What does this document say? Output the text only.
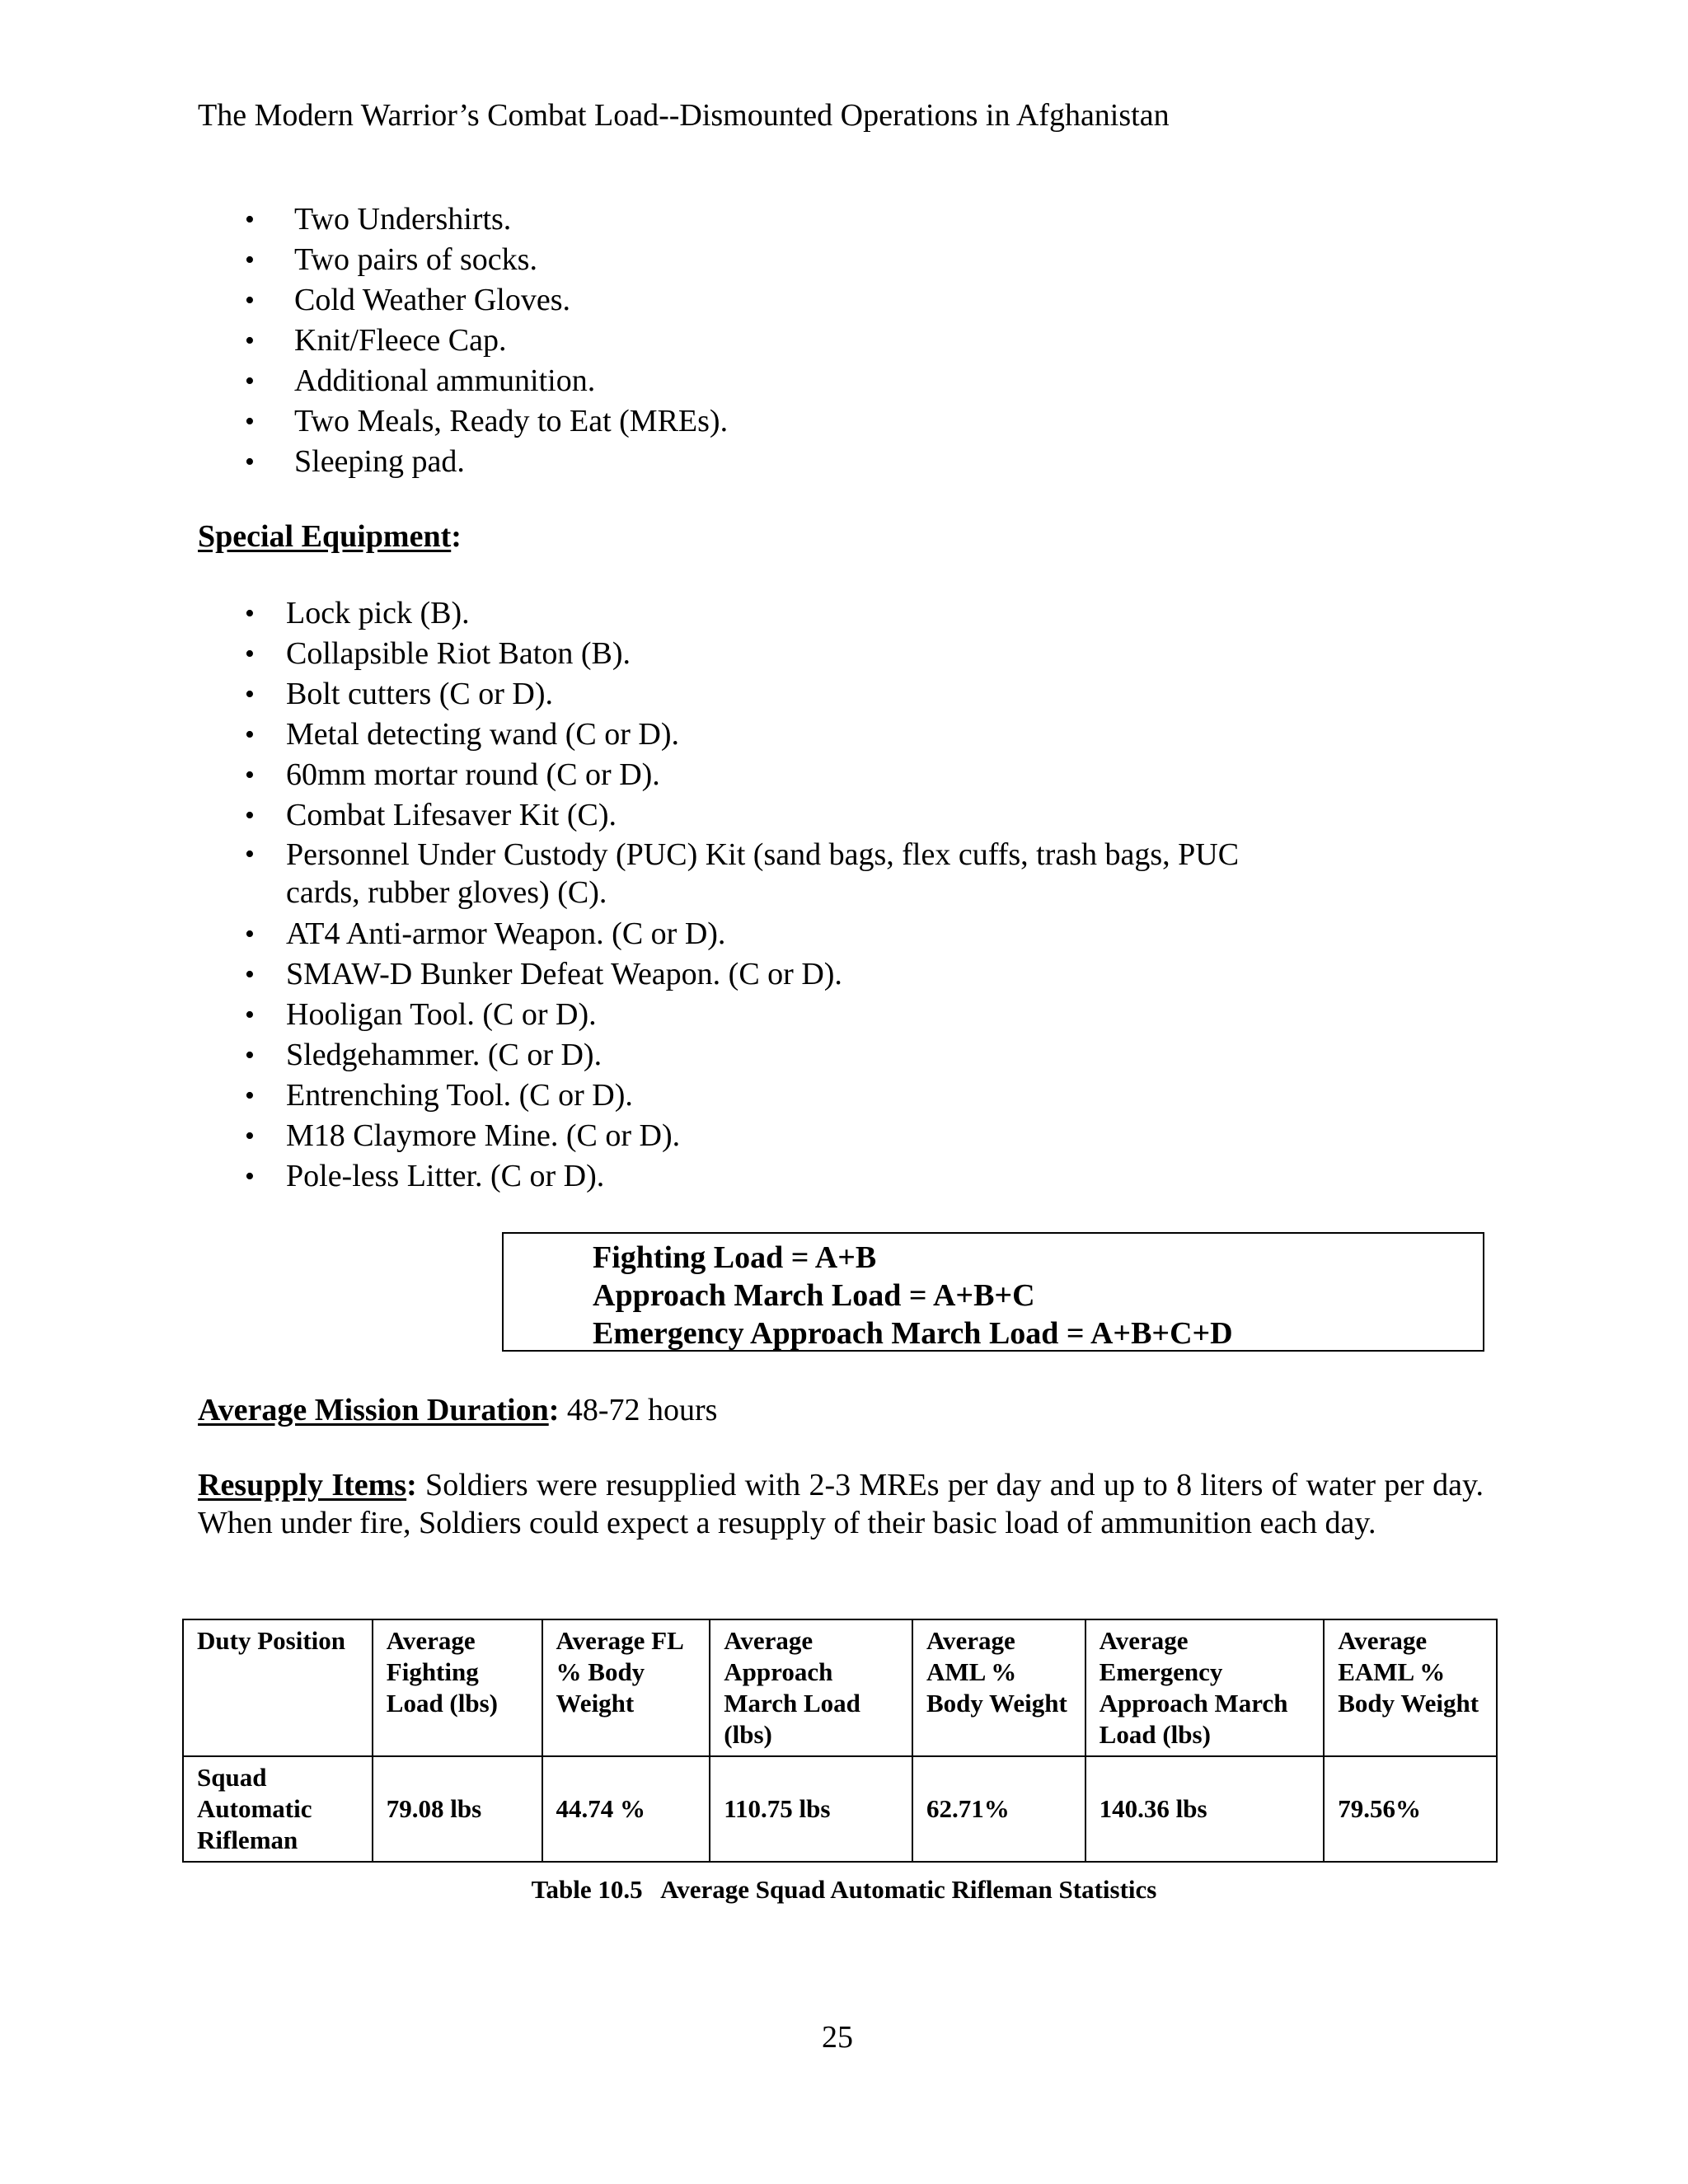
The Modern Warrior’s Combat Load--Dismounted Operations in Afghanistan
• Two Undershirts.
• Two pairs of socks.
• Cold Weather Gloves.
• Knit/Fleece Cap.
• Additional ammunition.
• Two Meals, Ready to Eat (MREs).
• Sleeping pad.
Special Equipment:
• Lock pick (B).
• Collapsible Riot Baton (B).
• Bolt cutters (C or D).
• Metal detecting wand (C or D).
• 60mm mortar round (C or D).
• Combat Lifesaver Kit (C).
• Personnel Under Custody (PUC) Kit (sand bags, flex cuffs, trash bags, PUC cards, rubber gloves) (C).
• AT4 Anti-armor Weapon. (C or D).
• SMAW-D Bunker Defeat Weapon. (C or D).
• Hooligan Tool. (C or D).
• Sledgehammer. (C or D).
• Entrenching Tool. (C or D).
• M18 Claymore Mine. (C or D).
• Pole-less Litter. (C or D).
Fighting Load = A+B
Approach March Load = A+B+C
Emergency Approach March Load = A+B+C+D
Average Mission Duration: 48-72 hours
Resupply Items: Soldiers were resupplied with 2-3 MREs per day and up to 8 liters of water per day. When under fire, Soldiers could expect a resupply of their basic load of ammunition each day.
Duty Position	Average Fighting Load (lbs)	Average FL % Body Weight	Average Approach March Load (lbs)	Average AML % Body Weight	Average Emergency Approach March Load (lbs)	Average EAML % Body Weight
Squad Automatic Rifleman	79.08 lbs	44.74 %	110.75 lbs	62.71%	140.36 lbs	79.56%
Table 10.5   Average Squad Automatic Rifleman Statistics
25
